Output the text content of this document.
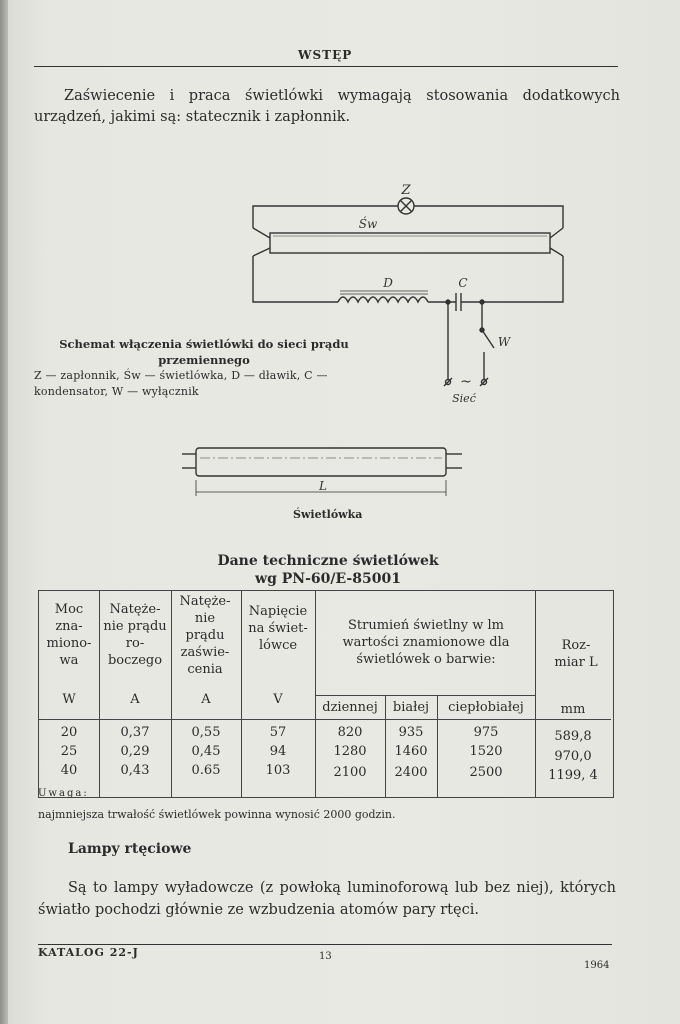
WSTĘP
Zaświecenie i praca świetlówki wymagają stosowania dodatkowych urządzeń, jakimi są: statecznik i zapłonnik.
Z
Św
D	C
W
~
Sieć
Schemat włączenia świetlówki do sieci prądu przemiennego
Z — zapłonnik, Św — świetlówka, D — dławik, C — kondensator, W — wyłącznik
L
Świetlówka
Dane techniczne świetlówek
wg PN-60/E-85001
Moc zna-miono-wa
Natęże-nie prądu ro-boczego
Natęże-nie prądu zaświe-cenia
Napięcie na świet-lówce
Strumień świetlny w lm wartości znamionowe dla świetlówek o barwie:
Roz-miar L
dziennej	białej	ciepłobiałej
W	A	A	V
mm
20	0,37	0,55	57	820	935	975	589,8
25	0,29	0,45	94	1280	1460	1520	970,0
40	0,43	0.65	103	2100	2400	2500	1199, 4
Uwaga:
najmniejsza trwałość świetlówek powinna wynosić 2000 godzin.
Lampy rtęciowe
Są to lampy wyładowcze (z powłoką luminoforową lub bez niej), których światło pochodzi głównie ze wzbudzenia atomów pary rtęci.
KATALOG 22-J	13
1964
